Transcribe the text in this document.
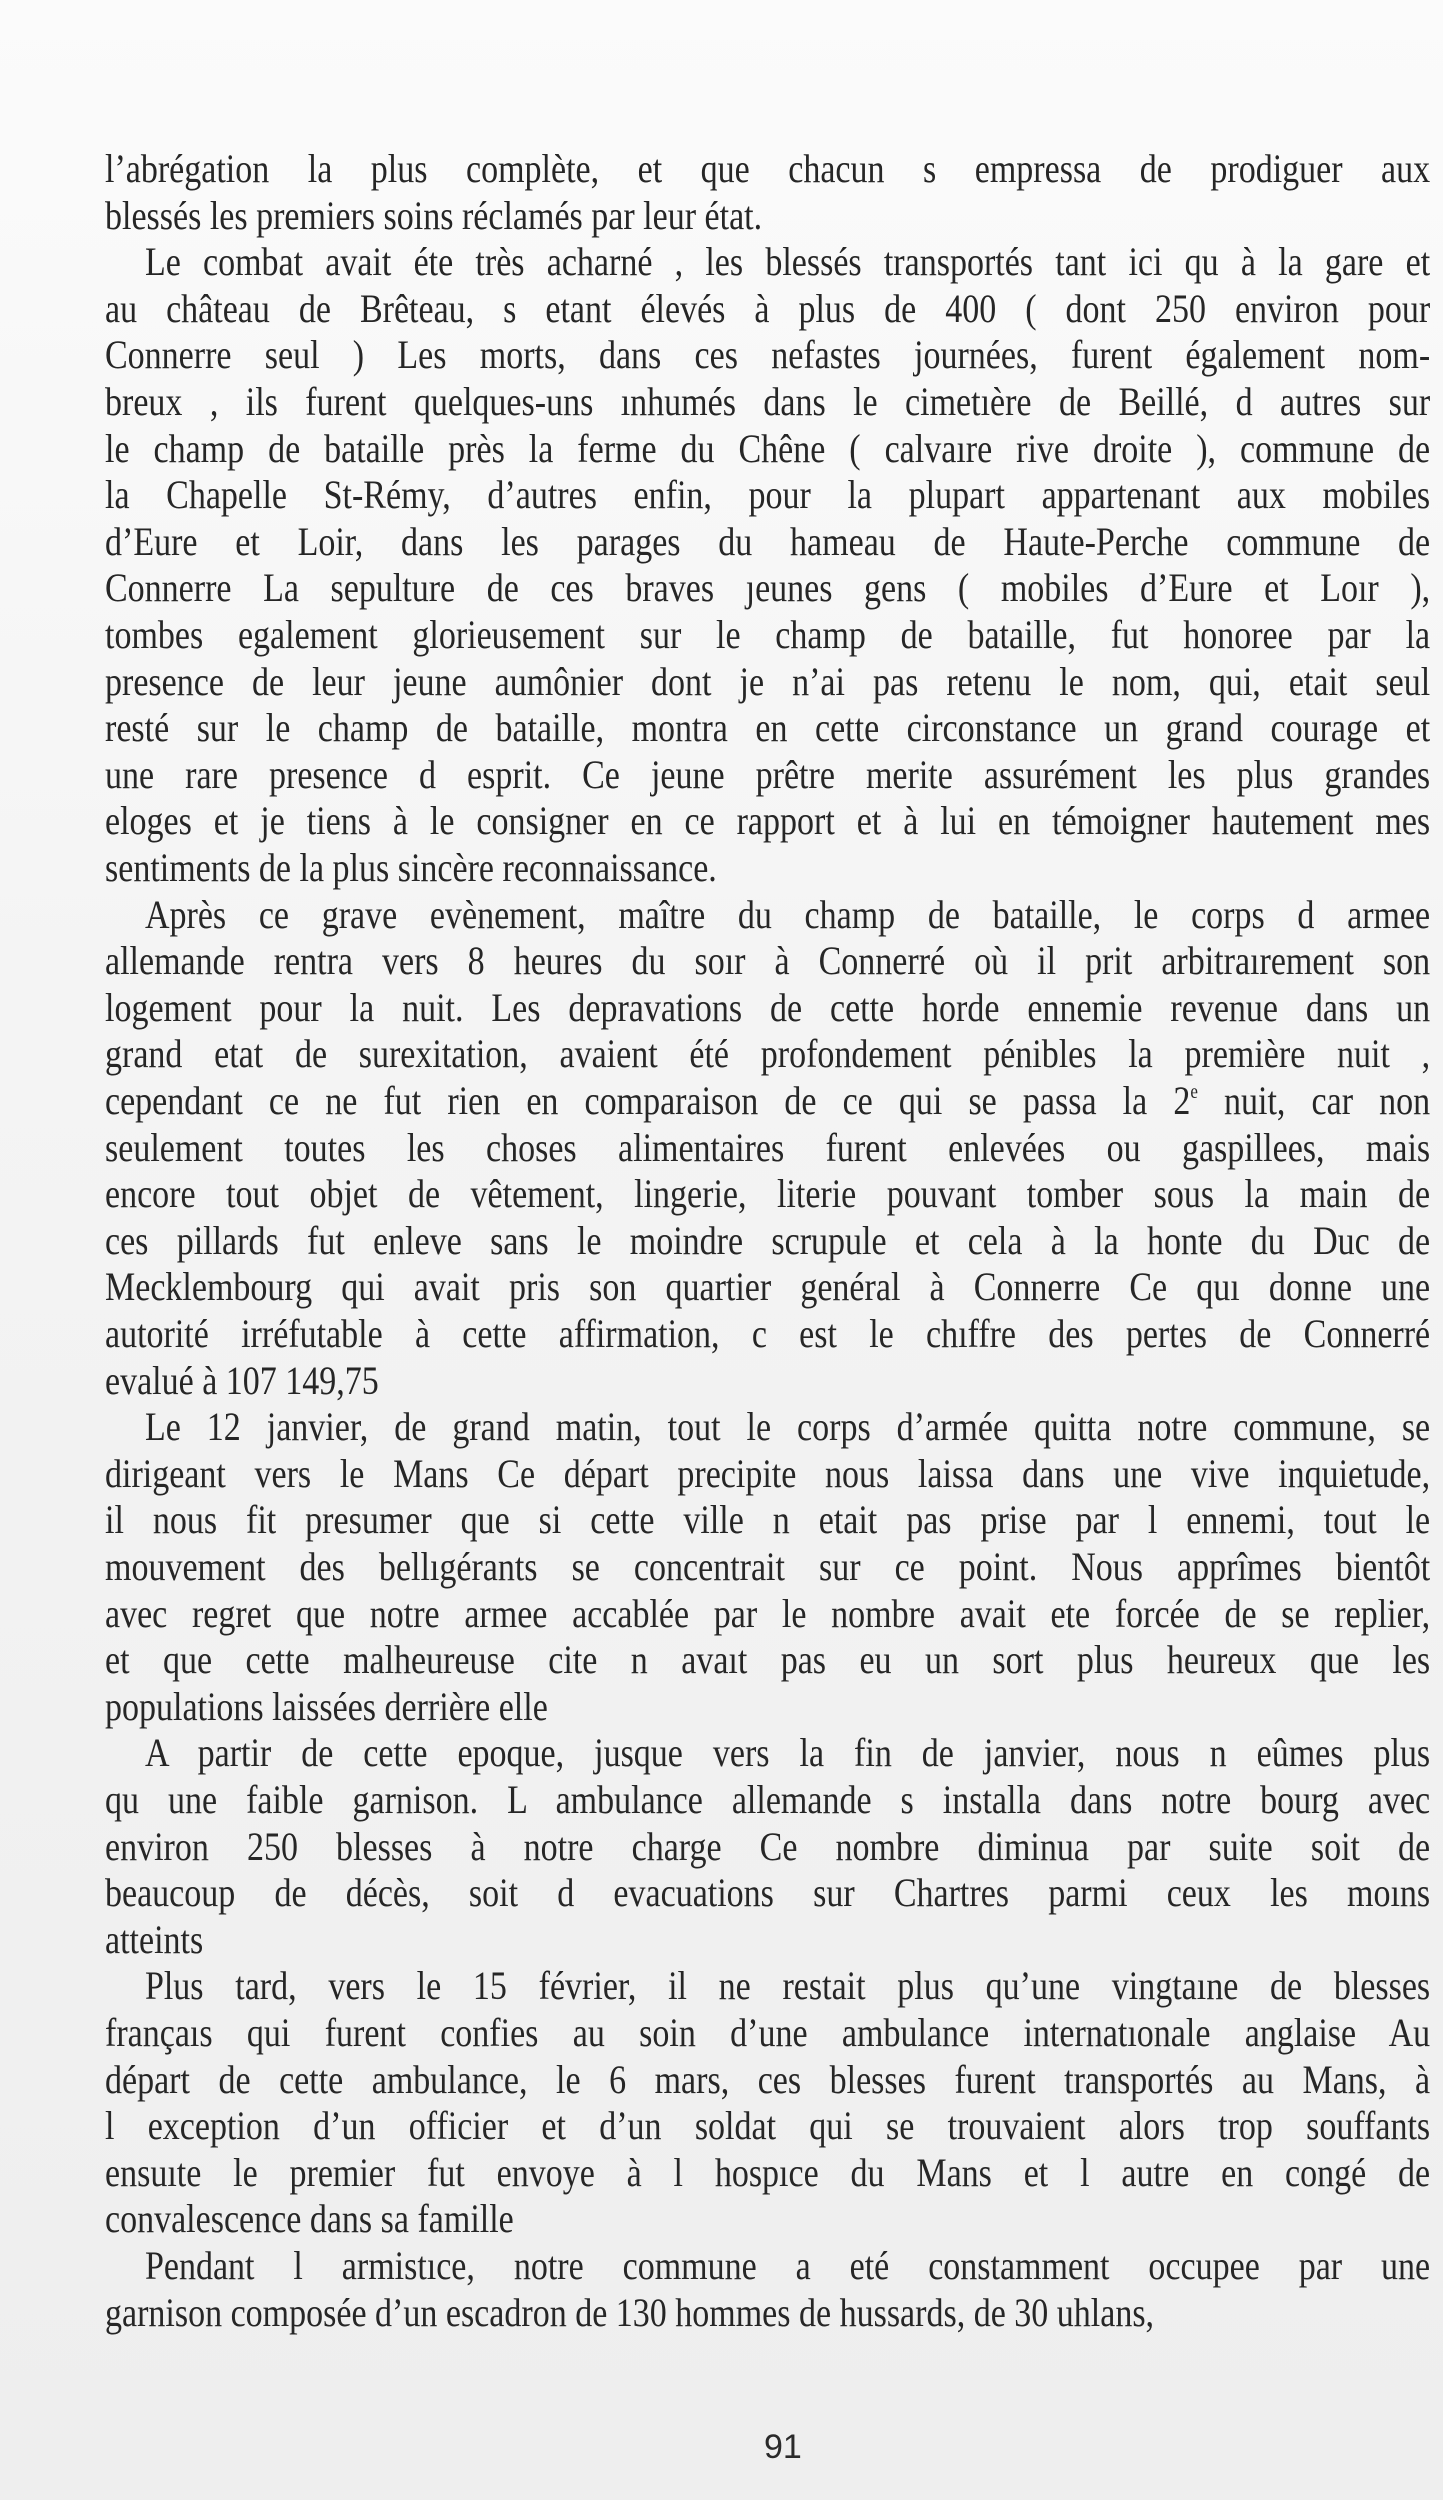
l’abrégation la plus complète, et que chacun s empressa de prodiguer aux
blessés les premiers soins réclamés par leur état.
Le combat avait éte très acharné , les blessés transportés tant ici qu à la gare et
au château de Brêteau, s etant élevés à plus de 400 ( dont 250 environ pour
Connerre seul ) Les morts, dans ces nefastes journées, furent également nom-
breux , ils furent quelques-uns ınhumés dans le cimetıère de Beillé, d autres sur
le champ de bataille près la ferme du Chêne ( calvaıre rive droite ), commune de
la Chapelle St-Rémy, d’autres enfin, pour la plupart appartenant aux mobiles
d’Eure et Loir, dans les parages du hameau de Haute-Perche commune de
Connerre La sepulture de ces braves ȷeunes gens ( mobiles d’Eure et Loır ),
tombes egalement glorieusement sur le champ de bataille, fut honoree par la
presence de leur jeune aumônier dont je n’ai pas retenu le nom, qui, etait seul
resté sur le champ de bataille, montra en cette circonstance un grand courage et
une rare presence d esprit. Ce jeune prêtre merite assurément les plus grandes
eloges et je tiens à le consigner en ce rapport et à lui en témoigner hautement mes
sentiments de la plus sincère reconnaissance.
Après ce grave evènement, maître du champ de bataille, le corps d armee
allemande rentra vers 8 heures du soır à Connerré où il prit arbitraırement son
logement pour la nuit. Les depravations de cette horde ennemie revenue dans un
grand etat de surexitation, avaient été profondement pénibles la première nuit ,
cependant ce ne fut rien en comparaison de ce qui se passa la 2e nuit, car non
seulement toutes les choses alimentaires furent enlevées ou gaspillees, mais
encore tout objet de vêtement, lingerie, literie pouvant tomber sous la main de
ces pillards fut enleve sans le moindre scrupule et cela à la honte du Duc de
Mecklembourg qui avait pris son quartier genéral à Connerre Ce quı donne une
autorité irréfutable à cette affirmation, c est le chıffre des pertes de Connerré
evalué à 107 149,75
Le 12 janvier, de grand matin, tout le corps d’armée quitta notre commune, se
dirigeant vers le Mans Ce départ precipite nous laissa dans une vive inquietude,
il nous fit presumer que si cette ville n etait pas prise par l ennemi, tout le
mouvement des bellıgérants se concentrait sur ce point. Nous apprîmes bientôt
avec regret que notre armee accablée par le nombre avait ete forcée de se replier,
et que cette malheureuse cite n avaıt pas eu un sort plus heureux que les
populations laissées derrière elle
A partir de cette epoque, jusque vers la fin de janvier, nous n eûmes plus
qu une faible garnison. L ambulance allemande s installa dans notre bourg avec
environ 250 blesses à notre charge Ce nombre diminua par suite soit de
beaucoup de décès, soit d evacuations sur Chartres parmi ceux les moıns
atteints
Plus tard, vers le 15 février, il ne restait plus qu’une vingtaıne de blesses
françaıs qui furent confies au soin d’une ambulance internatıonale anglaise Au
départ de cette ambulance, le 6 mars, ces blesses furent transportés au Mans, à
l exception d’un officier et d’un soldat qui se trouvaient alors trop souffants
ensuıte le premier fut envoye à l hospıce du Mans et l autre en congé de
convalescence dans sa famille
Pendant l armistıce, notre commune a eté constamment occupee par une
garnison composée d’un escadron de 130 hommes de hussards, de 30 uhlans,
91
